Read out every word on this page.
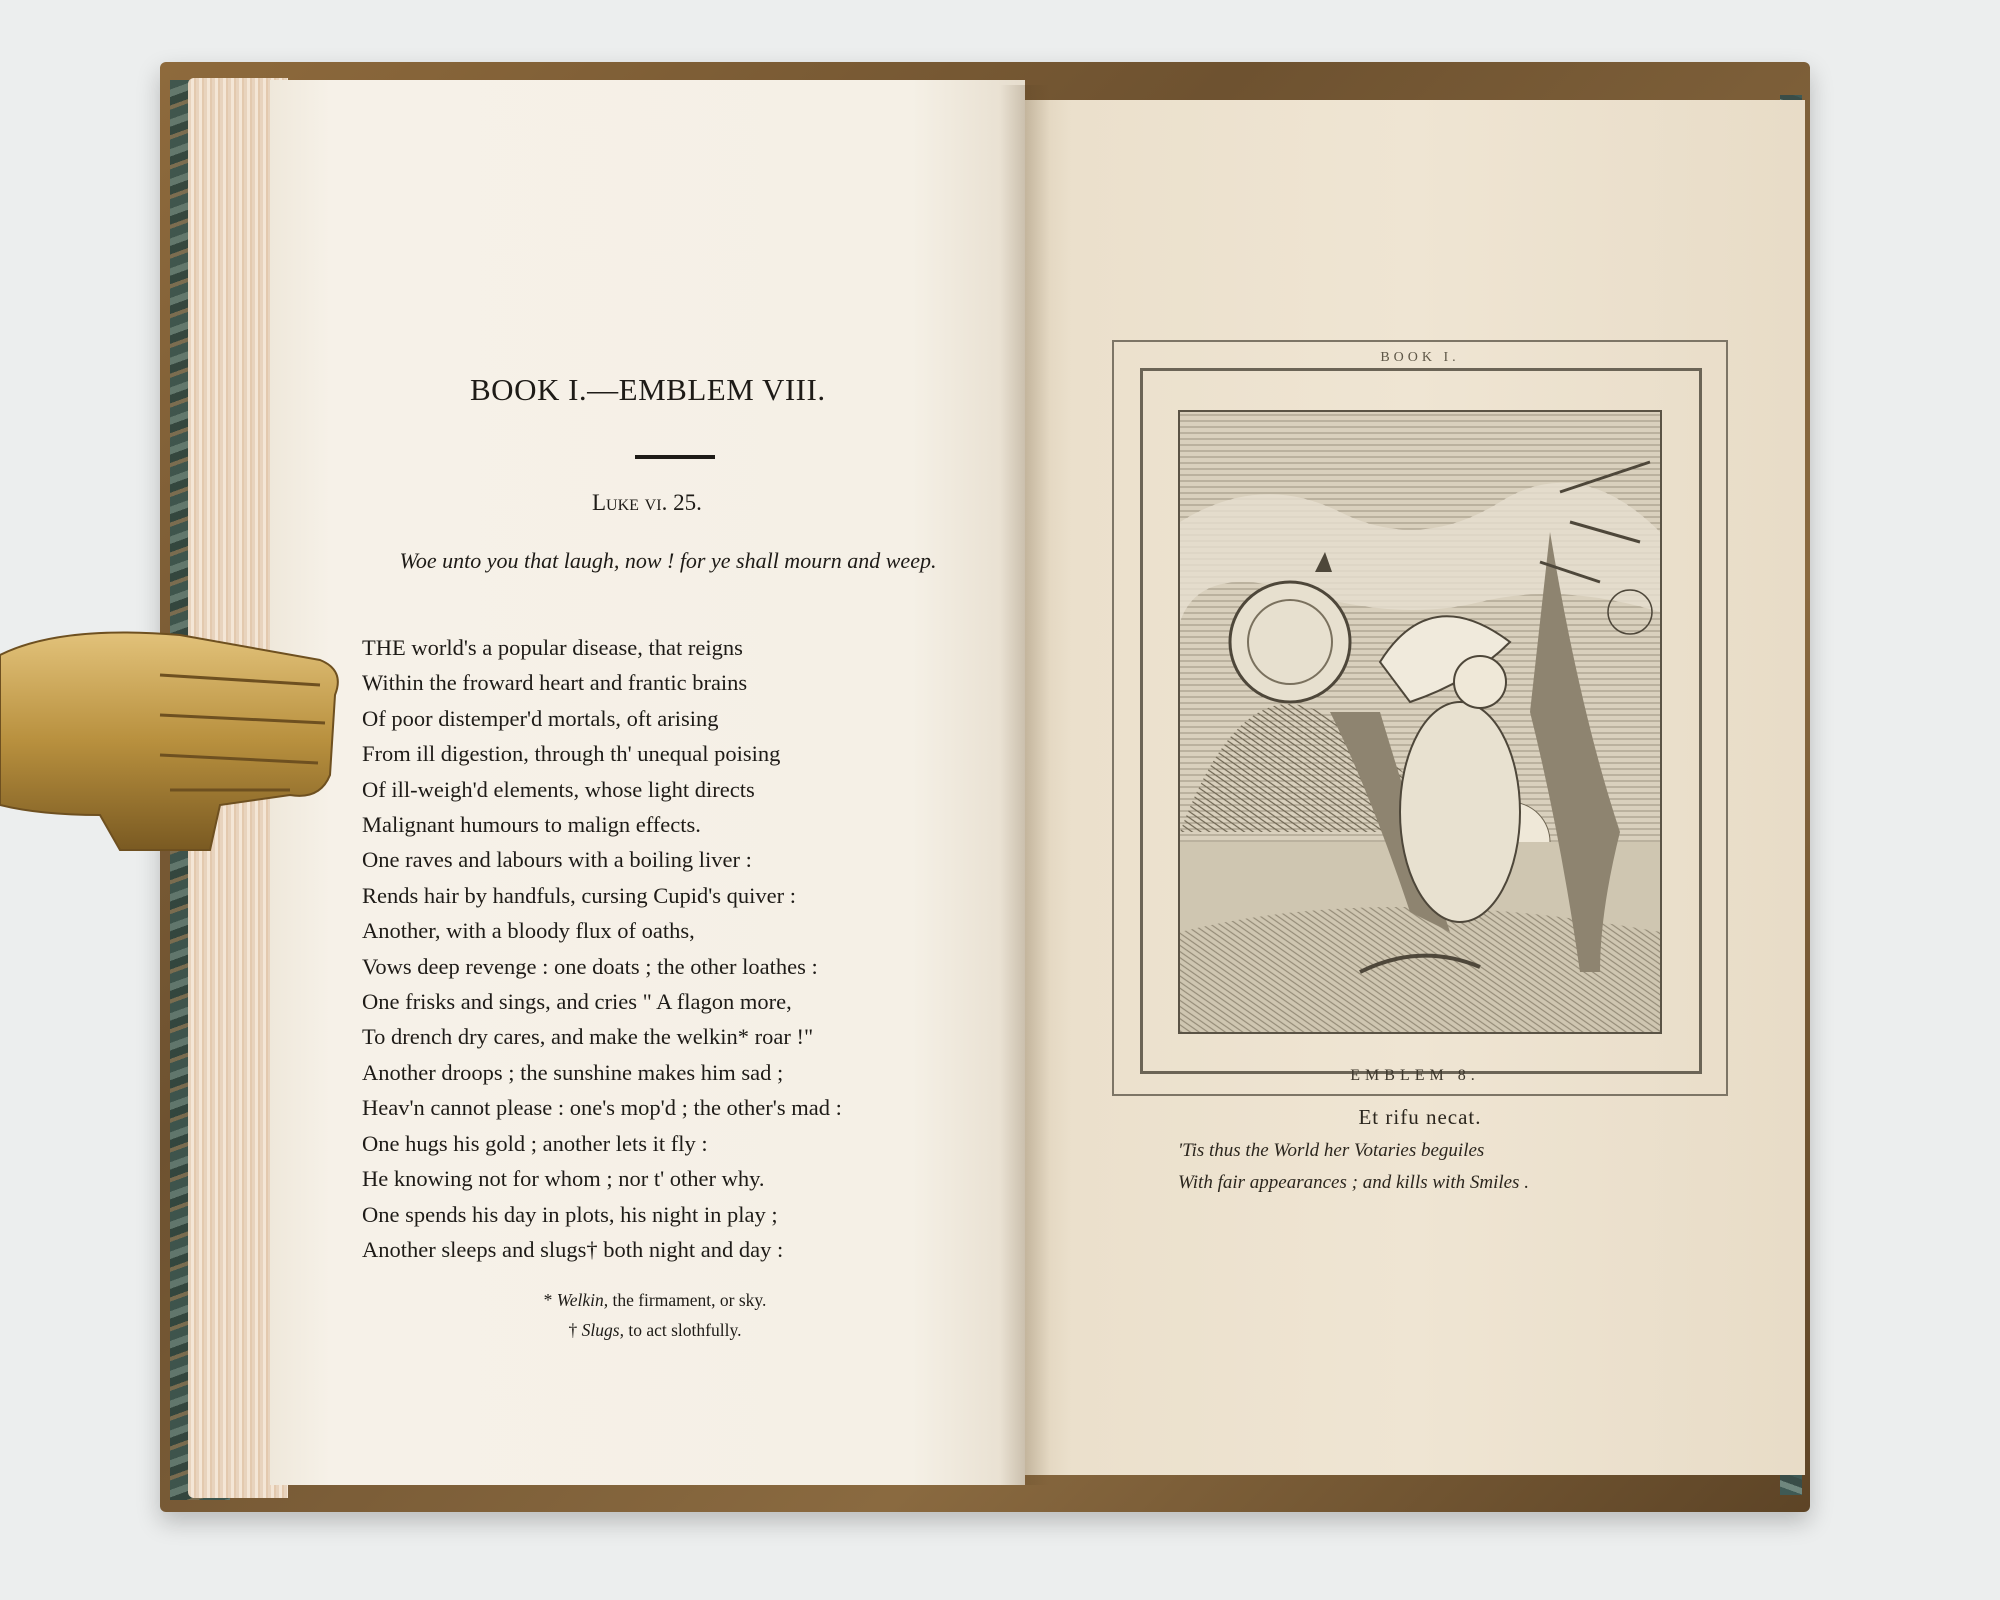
BOOK I.—EMBLEM VIII.
Luke vi. 25.
Woe unto you that laugh, now ! for ye shall mourn and weep.
THE world's a popular disease, that reigns
Within the froward heart and frantic brains
Of poor distemper'd mortals, oft arising
From ill digestion, through th' unequal poising
Of ill-weigh'd elements, whose light directs
Malignant humours to malign effects.
One raves and labours with a boiling liver :
Rends hair by handfuls, cursing Cupid's quiver :
Another, with a bloody flux of oaths,
Vows deep revenge : one doats ; the other loathes :
One frisks and sings, and cries " A flagon more,
To drench dry cares, and make the welkin* roar !"
Another droops ; the sunshine makes him sad ;
Heav'n cannot please : one's mop'd ; the other's mad :
One hugs his gold ; another lets it fly :
He knowing not for whom ; nor t' other why.
One spends his day in plots, his night in play ;
Another sleeps and slugs† both night and day :
* Welkin, the firmament, or sky.
† Slugs, to act slothfully.
BOOK I.
EMBLEM 8.
Et rifu necat.
'Tis thus the World her Votaries beguiles
With fair appearances ; and kills with Smiles .
